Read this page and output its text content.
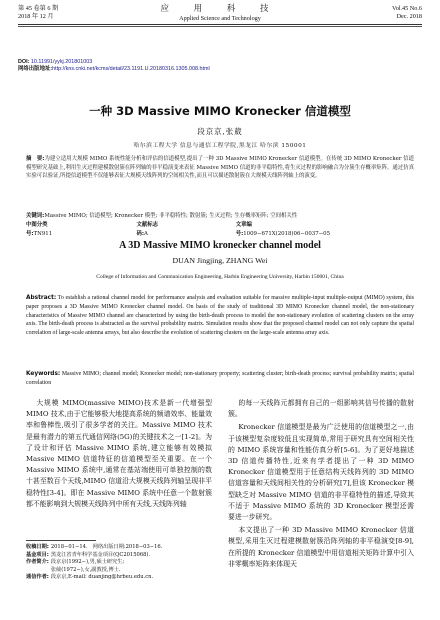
第 45 卷第 6 期
2018 年 12 月
应 用 科 技
Applied Science and Technology
Vol.45 No.6
Dec. 2018
DOI: 10.11991/yykj.201801003
网络出版地址:http://kns.cnki.net/kcms/detail/23.1191.U.20180316.1305.008.html
一种 3D Massive MIMO Kronecker 信道模型
段京京,张葳
哈尔滨工程大学 信息与通信工程学院,黑龙江 哈尔滨 150001
摘　要:为建立适用大规模 MIMO 系统性能分析和评估的信道模型,提出了一种 3D Massive MIMO Kronecker 信道模型。在传统 3D MIMO Kronecker 信道模型研究基础上,利用生灭过程建模散射簇在阵列轴的非平稳演变来表征 Massive MIMO 信道的非平稳特性,将生灭过程的影响融合为分簇生存概率矩阵。通过仿真实验可以验证,所提信道模型不仅能够表征大规模天线阵列的空间相关性,而且可以描述散射簇在大规模天线阵列轴上的演变。
关键词:Massive MIMO; 信道模型; Kronecker 模型; 非平稳特性; 散射簇; 生灭过程; 生存概率矩阵; 空间相关性
中图分类号:TN911
文献标志码:A
文章编号:1009−671X(2018)06−0037−05
A 3D Massive MIMO kronecker channel model
DUAN Jingjing, ZHANG Wei
College of Information and Communication Engineering, Harbin Engineering University, Harbin 150001, China
Abstract: To establish a rational channel model for performance analysis and evaluation suitable for massive multiple-input multiple-output (MIMO) system, this paper proposes a 3D Massive MIMO Kronecker channel model. On basis of the study of traditional 3D MIMO Kronecker channel model, the non-stationary characteristics of Massive MIMO channel are characterized by using the birth-death process to model the non-stationary evolution of scattering clusters on the array axis. The birth-death process is abstracted as the survival probability matrix. Simulation results show that the proposed channel model can not only capture the spatial correlation of large-scale antenna arrays, but also describe the evolution of scattering clusters on the large-scale antenna array axis.
Keywords: Massive MIMO; channel model; Kronecker model; non-stationary property; scattering cluster; birth-death process; survival probability matrix; spatial correlation

大规模 MIMO(massive MIMO)技术是新一代增强型 MIMO 技术,由于它能够极大地提高系统的频谱效率、能量效率和鲁棒性,吸引了很多学者的关注。Massive MIMO 技术是最有潜力的第五代通信网络(5G)的关键技术之一[1-2]。为了设计和评估 Massive MIMO 系统,建立能够有效模拟 Massive MIMO 信道特征的信道模型至关重要。在一个 Massive MIMO 系统中,通常在基站端使用可单独控制的数十甚至数百个天线,MIMO 信道沿大规模天线阵列轴呈现非平稳特性[3-4]。即在 Massive MIMO 系统中任意一个散射簇都不能影响到大规模天线阵列中所有天线,天线阵列轴

的每一天线阵元都拥有自己的一组影响其信号传播的散射簇。

Kronecker 信道模型是最为广泛使用的信道模型之一,由于该模型复杂度较低且实现简单,常用于研究具有空间相关性的 MIMO 系统容量和性能仿真分析[5-6]。为了更好地描述 3D 信道传播特性,近来有学者提出了一种 3D MIMO Kronecker 信道模型用于任意结构天线阵列的 3D MIMO 信道容量和天线间相关性的分析研究[7],但该 Kronecker 模型缺乏对 Massive MIMO 信道的非平稳特性的描述,导致其不适于 Massive MIMO 系统的 3D Kronecker 模型还需要进一步研究。

本文提出了一种 3D Massive MIMO Kronecker 信道模型,采用生灭过程建模散射簇沿阵列轴的非平稳演变[8-9],在所提的 Kronecker 信道模型中用信道相关矩阵计算中引入非零概率矩阵来体现天

收稿日期: 2018−01−14.　网络出版日期:2018−03−16.
基金项目: 黑龙江省青年科学基金项目(QC2015068).
作者简介: 段京京(1992−),男,硕士研究生;
张葳(1972−),女,副教授,博士.
通信作者: 段京京,E-mail: duanjing@hrbeu.edu.cn.
